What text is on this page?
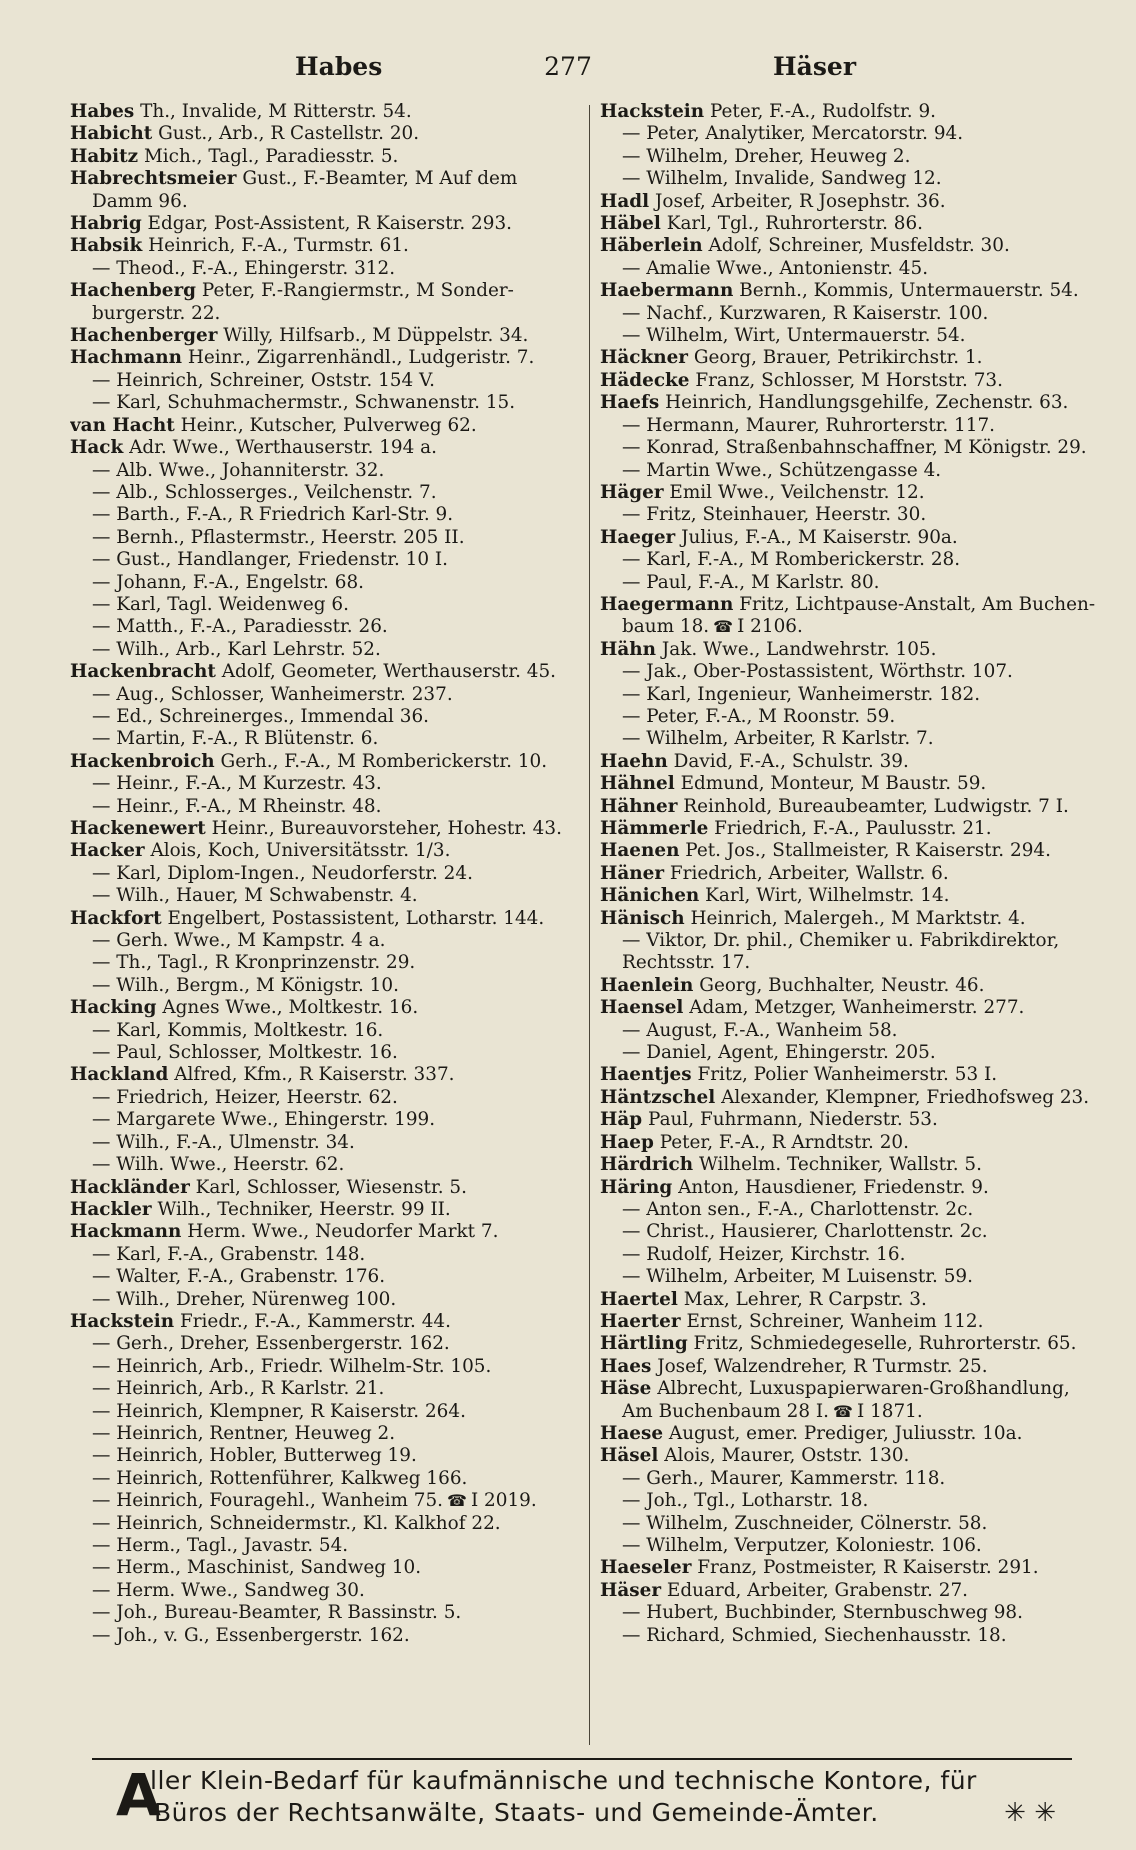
Habes	277	Häser
Habes Th., Invalide, M Ritterstr. 54.
Habicht Gust., Arb., R Castellstr. 20.
Habitz Mich., Tagl., Paradiesstr. 5.
Habrechtsmeier Gust., F.-Beamter, M Auf dem
Damm 96.
Habrig Edgar, Post-Assistent, R Kaiserstr. 293.
Habsik Heinrich, F.-A., Turmstr. 61.
— Theod., F.-A., Ehingerstr. 312.
Hachenberg Peter, F.-Rangiermstr., M Sonder-
burgerstr. 22.
Hachenberger Willy, Hilfsarb., M Düppelstr. 34.
Hachmann Heinr., Zigarrenhändl., Ludgeristr. 7.
— Heinrich, Schreiner, Oststr. 154 V.
— Karl, Schuhmachermstr., Schwanenstr. 15.
van Hacht Heinr., Kutscher, Pulverweg 62.
Hack Adr. Wwe., Werthauserstr. 194 a.
— Alb. Wwe., Johanniterstr. 32.
— Alb., Schlosserges., Veilchenstr. 7.
— Barth., F.-A., R Friedrich Karl-Str. 9.
— Bernh., Pflastermstr., Heerstr. 205 II.
— Gust., Handlanger, Friedenstr. 10 I.
— Johann, F.-A., Engelstr. 68.
— Karl, Tagl. Weidenweg 6.
— Matth., F.-A., Paradiesstr. 26.
— Wilh., Arb., Karl Lehrstr. 52.
Hackenbracht Adolf, Geometer, Werthauserstr. 45.
— Aug., Schlosser, Wanheimerstr. 237.
— Ed., Schreinerges., Immendal 36.
— Martin, F.-A., R Blütenstr. 6.
Hackenbroich Gerh., F.-A., M Romberickerstr. 10.
— Heinr., F.-A., M Kurzestr. 43.
— Heinr., F.-A., M Rheinstr. 48.
Hackenewert Heinr., Bureauvorsteher, Hohestr. 43.
Hacker Alois, Koch, Universitätsstr. 1/3.
— Karl, Diplom-Ingen., Neudorferstr. 24.
— Wilh., Hauer, M Schwabenstr. 4.
Hackfort Engelbert, Postassistent, Lotharstr. 144.
— Gerh. Wwe., M Kampstr. 4 a.
— Th., Tagl., R Kronprinzenstr. 29.
— Wilh., Bergm., M Königstr. 10.
Hacking Agnes Wwe., Moltkestr. 16.
— Karl, Kommis, Moltkestr. 16.
— Paul, Schlosser, Moltkestr. 16.
Hackland Alfred, Kfm., R Kaiserstr. 337.
— Friedrich, Heizer, Heerstr. 62.
— Margarete Wwe., Ehingerstr. 199.
— Wilh., F.-A., Ulmenstr. 34.
— Wilh. Wwe., Heerstr. 62.
Hackländer Karl, Schlosser, Wiesenstr. 5.
Hackler Wilh., Techniker, Heerstr. 99 II.
Hackmann Herm. Wwe., Neudorfer Markt 7.
— Karl, F.-A., Grabenstr. 148.
— Walter, F.-A., Grabenstr. 176.
— Wilh., Dreher, Nürenweg 100.
Hackstein Friedr., F.-A., Kammerstr. 44.
— Gerh., Dreher, Essenbergerstr. 162.
— Heinrich, Arb., Friedr. Wilhelm-Str. 105.
— Heinrich, Arb., R Karlstr. 21.
— Heinrich, Klempner, R Kaiserstr. 264.
— Heinrich, Rentner, Heuweg 2.
— Heinrich, Hobler, Butterweg 19.
— Heinrich, Rottenführer, Kalkweg 166.
— Heinrich, Fouragehl., Wanheim 75. ☎ I 2019.
— Heinrich, Schneidermstr., Kl. Kalkhof 22.
— Herm., Tagl., Javastr. 54.
— Herm., Maschinist, Sandweg 10.
— Herm. Wwe., Sandweg 30.
— Joh., Bureau-Beamter, R Bassinstr. 5.
— Joh., v. G., Essenbergerstr. 162.
Hackstein Peter, F.-A., Rudolfstr. 9.
— Peter, Analytiker, Mercatorstr. 94.
— Wilhelm, Dreher, Heuweg 2.
— Wilhelm, Invalide, Sandweg 12.
Hadl Josef, Arbeiter, R Josephstr. 36.
Häbel Karl, Tgl., Ruhrorterstr. 86.
Häberlein Adolf, Schreiner, Musfeldstr. 30.
— Amalie Wwe., Antonienstr. 45.
Haebermann Bernh., Kommis, Untermauerstr. 54.
— Nachf., Kurzwaren, R Kaiserstr. 100.
— Wilhelm, Wirt, Untermauerstr. 54.
Häckner Georg, Brauer, Petrikirchstr. 1.
Hädecke Franz, Schlosser, M Horststr. 73.
Haefs Heinrich, Handlungsgehilfe, Zechenstr. 63.
— Hermann, Maurer, Ruhrorterstr. 117.
— Konrad, Straßenbahnschaffner, M Königstr. 29.
— Martin Wwe., Schützengasse 4.
Häger Emil Wwe., Veilchenstr. 12.
— Fritz, Steinhauer, Heerstr. 30.
Haeger Julius, F.-A., M Kaiserstr. 90a.
— Karl, F.-A., M Romberickerstr. 28.
— Paul, F.-A., M Karlstr. 80.
Haegermann Fritz, Lichtpause-Anstalt, Am Buchen-
baum 18. ☎ I 2106.
Hähn Jak. Wwe., Landwehrstr. 105.
— Jak., Ober-Postassistent, Wörthstr. 107.
— Karl, Ingenieur, Wanheimerstr. 182.
— Peter, F.-A., M Roonstr. 59.
— Wilhelm, Arbeiter, R Karlstr. 7.
Haehn David, F.-A., Schulstr. 39.
Hähnel Edmund, Monteur, M Baustr. 59.
Hähner Reinhold, Bureaubeamter, Ludwigstr. 7 I.
Hämmerle Friedrich, F.-A., Paulusstr. 21.
Haenen Pet. Jos., Stallmeister, R Kaiserstr. 294.
Häner Friedrich, Arbeiter, Wallstr. 6.
Hänichen Karl, Wirt, Wilhelmstr. 14.
Hänisch Heinrich, Malergeh., M Marktstr. 4.
— Viktor, Dr. phil., Chemiker u. Fabrikdirektor,
Rechtsstr. 17.
Haenlein Georg, Buchhalter, Neustr. 46.
Haensel Adam, Metzger, Wanheimerstr. 277.
— August, F.-A., Wanheim 58.
— Daniel, Agent, Ehingerstr. 205.
Haentjes Fritz, Polier Wanheimerstr. 53 I.
Häntzschel Alexander, Klempner, Friedhofsweg 23.
Häp Paul, Fuhrmann, Niederstr. 53.
Haep Peter, F.-A., R Arndtstr. 20.
Härdrich Wilhelm. Techniker, Wallstr. 5.
Häring Anton, Hausdiener, Friedenstr. 9.
— Anton sen., F.-A., Charlottenstr. 2c.
— Christ., Hausierer, Charlottenstr. 2c.
— Rudolf, Heizer, Kirchstr. 16.
— Wilhelm, Arbeiter, M Luisenstr. 59.
Haertel Max, Lehrer, R Carpstr. 3.
Haerter Ernst, Schreiner, Wanheim 112.
Härtling Fritz, Schmiedegeselle, Ruhrorterstr. 65.
Haes Josef, Walzendreher, R Turmstr. 25.
Häse Albrecht, Luxuspapierwaren-Großhandlung,
Am Buchenbaum 28 I. ☎ I 1871.
Haese August, emer. Prediger, Juliusstr. 10a.
Häsel Alois, Maurer, Oststr. 130.
— Gerh., Maurer, Kammerstr. 118.
— Joh., Tgl., Lotharstr. 18.
— Wilhelm, Zuschneider, Cölnerstr. 58.
— Wilhelm, Verputzer, Koloniestr. 106.
Haeseler Franz, Postmeister, R Kaiserstr. 291.
Häser Eduard, Arbeiter, Grabenstr. 27.
— Hubert, Buchbinder, Sternbuschweg 98.
— Richard, Schmied, Siechenhausstr. 18.
A
ller Klein-Bedarf für kaufmännische und technische Kontore, für
Büros der Rechtsanwälte, Staats- und Gemeinde-Ämter.	✳ ✳
